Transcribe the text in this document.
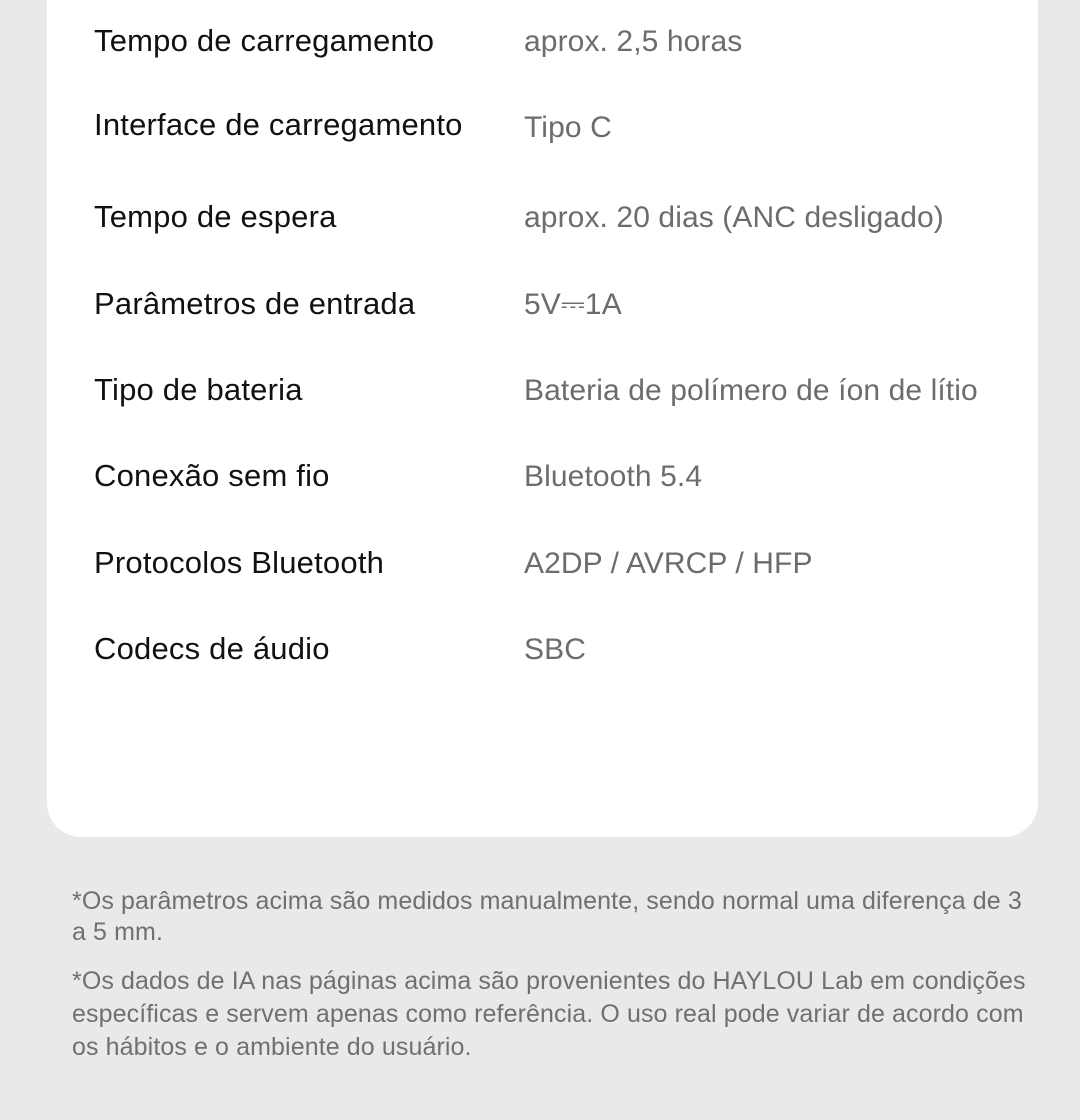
Tempo de carregamento	aprox. 2,5 horas
Interface de carregamento	Tipo C
Tempo de espera	aprox. 20 dias (ANC desligado)
Parâmetros de entrada	5V⎓1A
Tipo de bateria	Bateria de polímero de íon de lítio
Conexão sem fio	Bluetooth 5.4
Protocolos Bluetooth	A2DP / AVRCP / HFP
Codecs de áudio	SBC

*Os parâmetros acima são medidos manualmente, sendo normal uma diferença de 3 a 5 mm.

*Os dados de IA nas páginas acima são provenientes do HAYLOU Lab em condições específicas e servem apenas como referência. O uso real pode variar de acordo com os hábitos e o ambiente do usuário.
